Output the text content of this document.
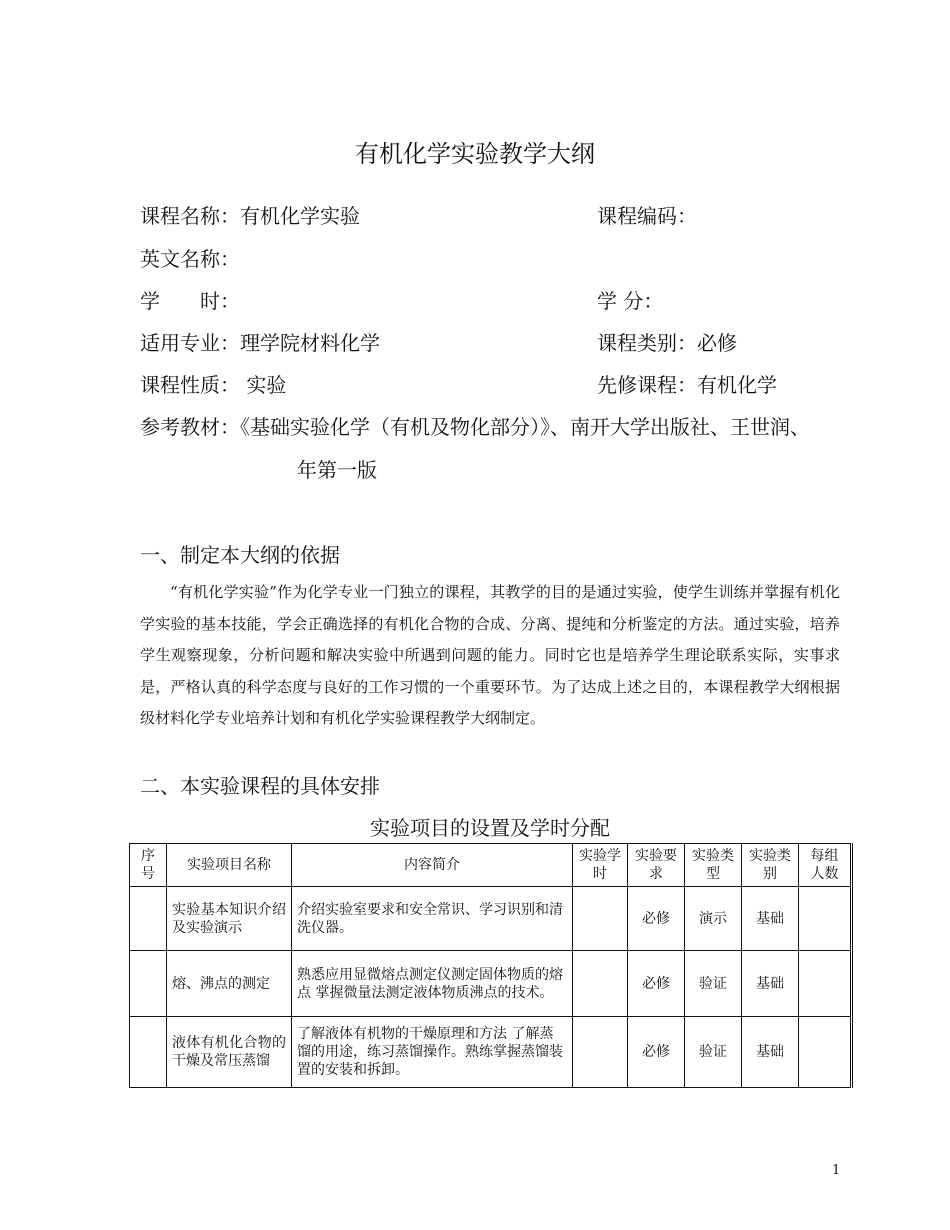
有机化学实验教学大纲
课程名称：有机化学实验	课程编码：
英文名称：
学　　时：	学 分：
适用专业：理学院材料化学	课程类别：必修
课程性质： 实验	先修课程：有机化学
参考教材：《基础实验化学（有机及物化部分）》、南开大学出版社、王世润、
年第一版
一、制定本大纲的依据
“有机化学实验”作为化学专业一门独立的课程，其教学的目的是通过实验，使学生训练并掌握有机化学实验的基本技能，学会正确选择的有机化合物的合成、分离、提纯和分析鉴定的方法。通过实验，培养学生观察现象，分析问题和解决实验中所遇到问题的能力。同时它也是培养学生理论联系实际，实事求是，严格认真的科学态度与良好的工作习惯的一个重要环节。为了达成上述之目的，本课程教学大纲根据　　级材料化学专业培养计划和有机化学实验课程教学大纲制定。
二、本实验课程的具体安排
实验项目的设置及学时分配
序号	实验项目名称	内容简介	实验学时	实验要求	实验类型	实验类别	每组人数
	实验基本知识介绍及实验演示	介绍实验室要求和安全常识、学习识别和清洗仪器。		必修	演示	基础	
	熔、沸点的测定	熟悉应用显微熔点测定仪测定固体物质的熔点 掌握微量法测定液体物质沸点的技术。		必修	验证	基础	
	液体有机化合物的干燥及常压蒸馏	了解液体有机物的干燥原理和方法 了解蒸馏的用途，练习蒸馏操作。熟练掌握蒸馏装置的安装和拆卸。		必修	验证	基础	
1
